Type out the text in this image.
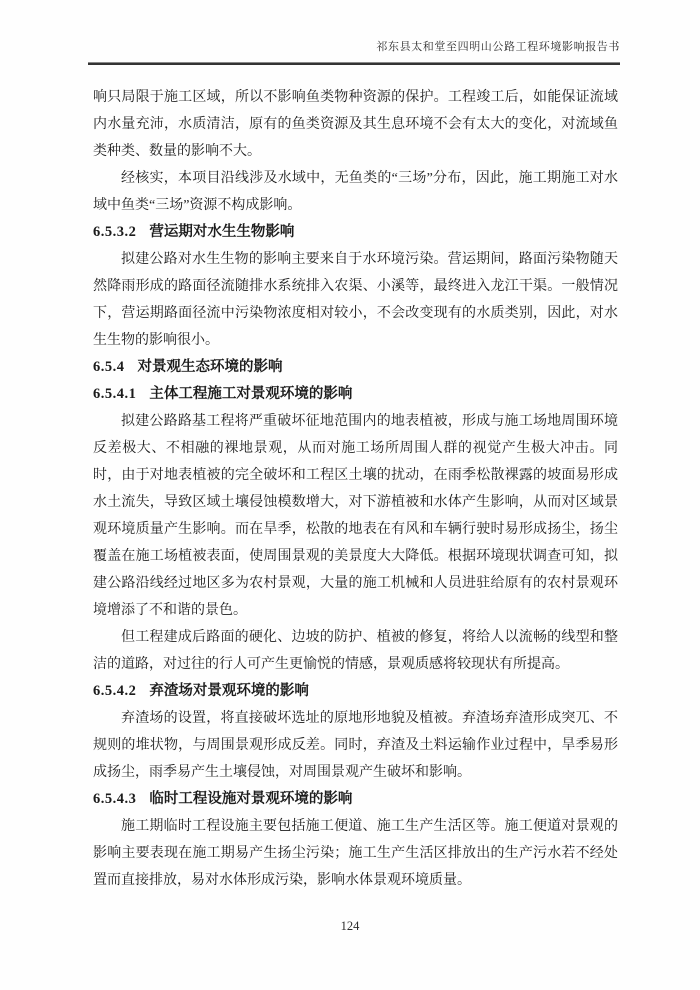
祁东县太和堂至四明山公路工程环境影响报告书

响只局限于施工区域，所以不影响鱼类物种资源的保护。工程竣工后，如能保证流域内水量充沛，水质清洁，原有的鱼类资源及其生息环境不会有太大的变化，对流域鱼类种类、数量的影响不大。

经核实，本项目沿线涉及水域中，无鱼类的“三场”分布，因此，施工期施工对水域中鱼类“三场”资源不构成影响。

6.5.3.2 营运期对水生生物影响

拟建公路对水生生物的影响主要来自于水环境污染。营运期间，路面污染物随天然降雨形成的路面径流随排水系统排入农渠、小溪等，最终进入龙江干渠。一般情况下，营运期路面径流中污染物浓度相对较小，不会改变现有的水质类别，因此，对水生生物的影响很小。

6.5.4 对景观生态环境的影响
6.5.4.1 主体工程施工对景观环境的影响

拟建公路路基工程将严重破坏征地范围内的地表植被，形成与施工场地周围环境反差极大、不相融的裸地景观，从而对施工场所周围人群的视觉产生极大冲击。同时，由于对地表植被的完全破坏和工程区土壤的扰动，在雨季松散裸露的坡面易形成水土流失，导致区域土壤侵蚀模数增大，对下游植被和水体产生影响，从而对区域景观环境质量产生影响。而在旱季，松散的地表在有风和车辆行驶时易形成扬尘，扬尘覆盖在施工场植被表面，使周围景观的美景度大大降低。根据环境现状调查可知，拟建公路沿线经过地区多为农村景观，大量的施工机械和人员进驻给原有的农村景观环境增添了不和谐的景色。

但工程建成后路面的硬化、边坡的防护、植被的修复，将给人以流畅的线型和整洁的道路，对过往的行人可产生更愉悦的情感，景观质感将较现状有所提高。

6.5.4.2 弃渣场对景观环境的影响

弃渣场的设置，将直接破坏选址的原地形地貌及植被。弃渣场弃渣形成突兀、不规则的堆状物，与周围景观形成反差。同时，弃渣及土料运输作业过程中，旱季易形成扬尘，雨季易产生土壤侵蚀，对周围景观产生破坏和影响。

6.5.4.3 临时工程设施对景观环境的影响

施工期临时工程设施主要包括施工便道、施工生产生活区等。施工便道对景观的影响主要表现在施工期易产生扬尘污染；施工生产生活区排放出的生产污水若不经处置而直接排放，易对水体形成污染，影响水体景观环境质量。

124
